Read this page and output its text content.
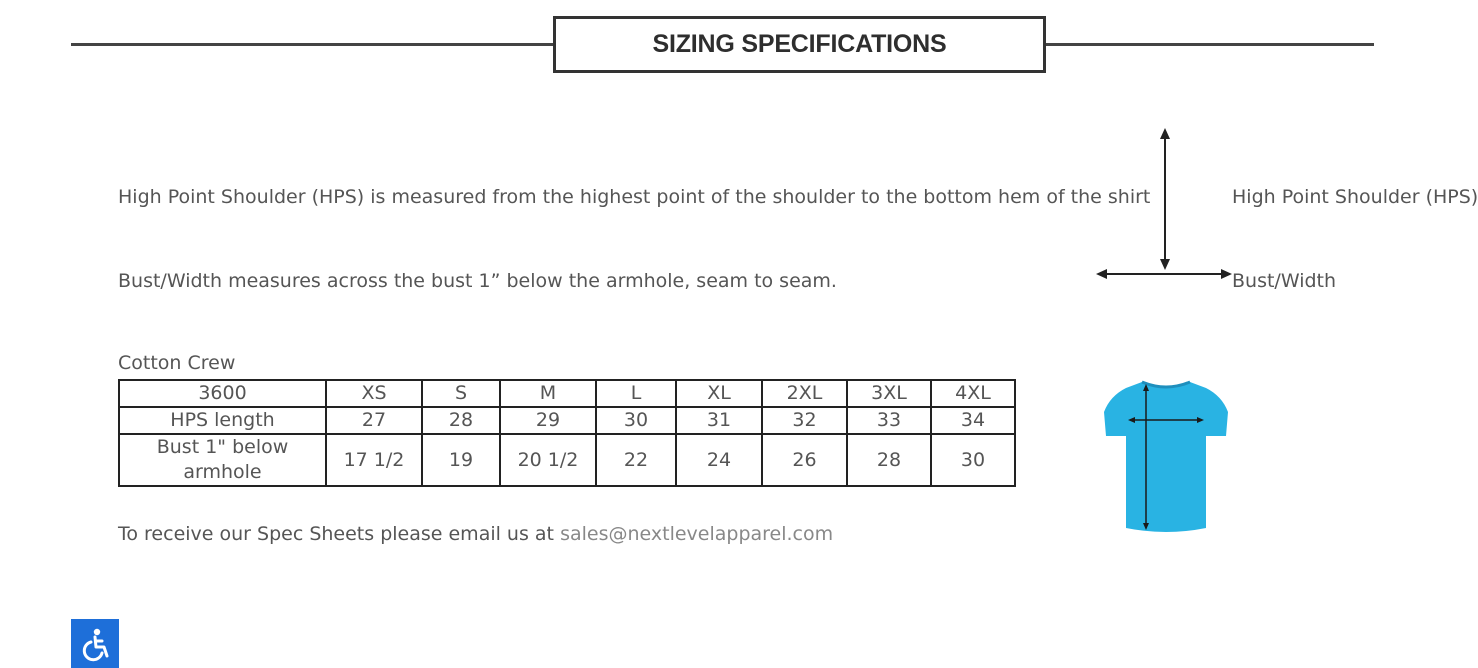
SIZING SPECIFICATIONS
High Point Shoulder (HPS) is measured from the highest point of the shoulder to the bottom hem of the shirt
Bust/Width measures across the bust 1” below the armhole, seam to seam.
High Point Shoulder (HPS)
Bust/Width
Cotton Crew
3600	XS	S	M	L	XL	2XL	3XL	4XL
HPS length	27	28	29	30	31	32	33	34
Bust 1" below armhole	17 1/2	19	20 1/2	22	24	26	28	30
To receive our Spec Sheets please email us at sales@nextlevelapparel.com
